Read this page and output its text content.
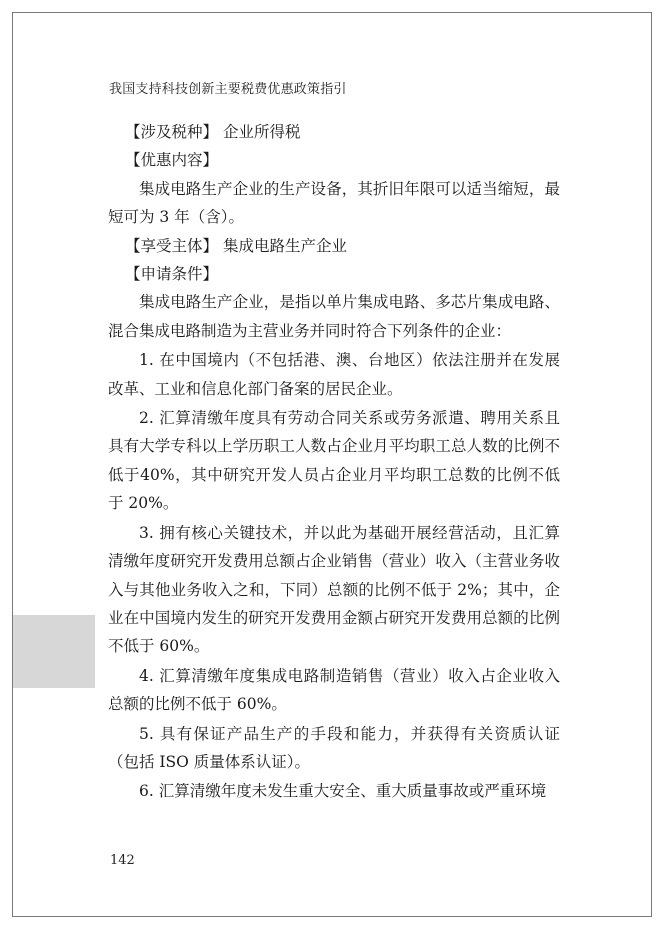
我国支持科技创新主要税费优惠政策指引

【涉及税种】 企业所得税

【优惠内容】

集成电路生产企业的生产设备，其折旧年限可以适当缩短，最短可为 3 年（含）。

【享受主体】 集成电路生产企业

【申请条件】

集成电路生产企业，是指以单片集成电路、多芯片集成电路、混合集成电路制造为主营业务并同时符合下列条件的企业：

1. 在中国境内（不包括港、澳、台地区）依法注册并在发展改革、工业和信息化部门备案的居民企业。

2. 汇算清缴年度具有劳动合同关系或劳务派遣、聘用关系且具有大学专科以上学历职工人数占企业月平均职工总人数的比例不低于40%，其中研究开发人员占企业月平均职工总数的比例不低于 20%。

3. 拥有核心关键技术，并以此为基础开展经营活动，且汇算清缴年度研究开发费用总额占企业销售（营业）收入（主营业务收入与其他业务收入之和，下同）总额的比例不低于 2%；其中，企业在中国境内发生的研究开发费用金额占研究开发费用总额的比例不低于 60%。

4. 汇算清缴年度集成电路制造销售（营业）收入占企业收入总额的比例不低于 60%。

5. 具有保证产品生产的手段和能力，并获得有关资质认证（包括 ISO 质量体系认证）。

6. 汇算清缴年度未发生重大安全、重大质量事故或严重环境

142
